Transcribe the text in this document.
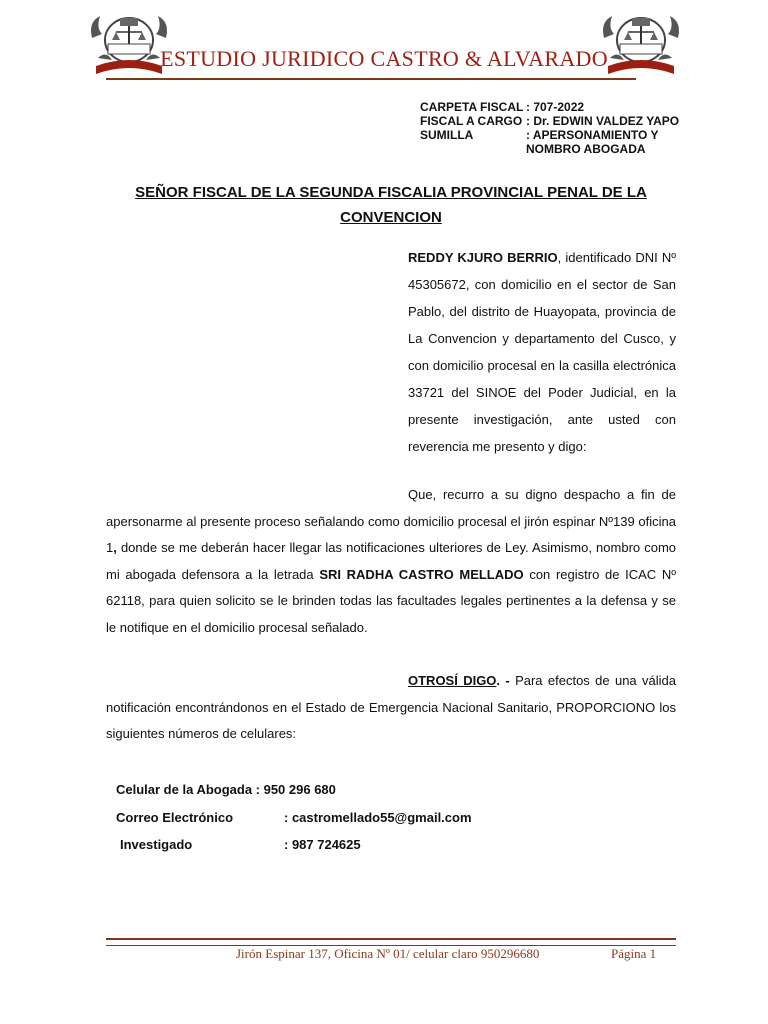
ESTUDIO JURIDICO CASTRO & ALVARADO
CARPETA FISCAL : 707-2022
FISCAL A CARGO : Dr. EDWIN VALDEZ YAPO
SUMILLA	: APERSONAMIENTO Y
NOMBRO ABOGADA
SEÑOR FISCAL DE LA SEGUNDA FISCALIA PROVINCIAL PENAL DE LA CONVENCION
REDDY KJURO BERRIO, identificado DNI Nº 45305672, con domicilio en el sector de San Pablo, del distrito de Huayopata, provincia de La Convencion y departamento del Cusco, y con domicilio procesal en la casilla electrónica 33721 del SINOE del Poder Judicial, en la presente investigación, ante usted con reverencia me presento y digo:
Que, recurro a su digno despacho a fin de apersonarme al presente proceso señalando como domicilio procesal el jirón espinar Nº139 oficina 1, donde se me deberán hacer llegar las notificaciones ulteriores de Ley. Asimismo, nombro como mi abogada defensora a la letrada SRI RADHA CASTRO MELLADO con registro de ICAC Nº 62118, para quien solicito se le brinden todas las facultades legales pertinentes a la defensa y se le notifique en el domicilio procesal señalado.
OTROSÍ DIGO. - Para efectos de una válida notificación encontrándonos en el Estado de Emergencia Nacional Sanitario, PROPORCIONO los siguientes números de celulares:
Celular de la Abogada : 950 296 680
Correo Electrónico	: castromellado55@gmail.com
Investigado	: 987 724625
Jirón Espinar 137, Oficina Nº 01/ celular claro 950296680	Página 1
